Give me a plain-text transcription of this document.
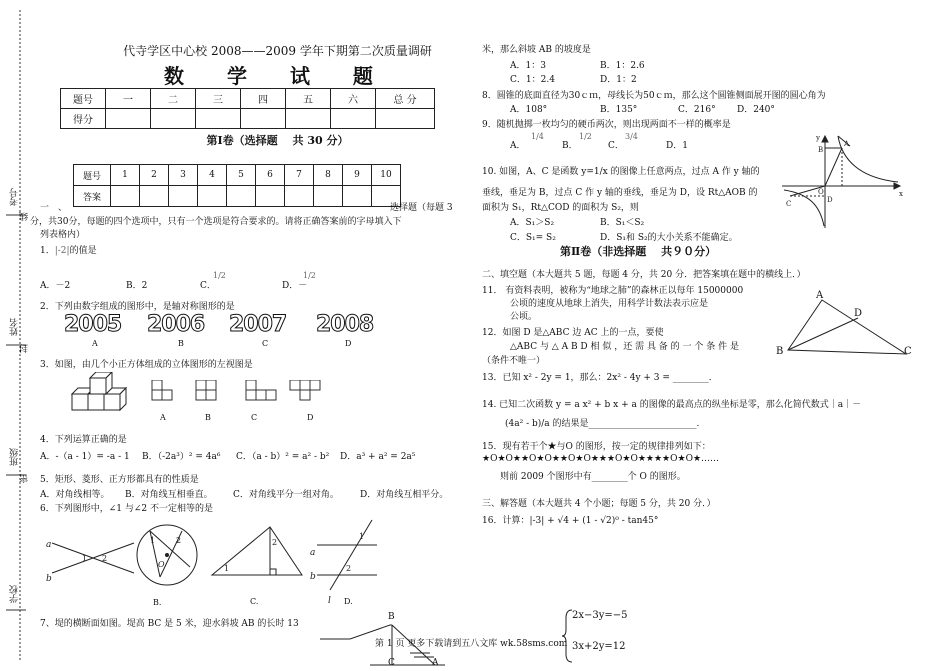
考号
线
姓名
封
班级
密
学校
代寺学区中心校 2008——2009 学年下期第二次质量调研
数 学 试 题
题号	一	二	三	四	五	六	总 分
得分							
第Ⅰ卷（选择题　 共 30 分）
题号	1	2	3	4	5	6	7	8	9	10
答案										
一　、	选择题（每题 3
分，共30分，每题的四个选项中，只有一个选项是符合要求的。请将正确答案前的字母填入下
列表格内）
1．|-2|的值是
A．－2	B．2	C．
1/2
D．－
1/2
2．下列由数字组成的图形中，是轴对称图形的是
2005 2006 2007 2008
A	B	C	D
3．如图，由几个小正方体组成的立体图形的左视图是
A	B	C	D
4．下列运算正确的是
A．-（a - 1）= -a - 1 B．（-2a³）² = 4a⁶ C．（a - b）² = a² - b² D．a³ + a² = 2a⁵
5．矩形、菱形、正方形都具有的性质是
A．对角线相等。 B．对角线互相垂直。 C．对角线平分一组对角。 D．对角线互相平分。
6．下列图形中，∠1 与∠2 不一定相等的是
a
b
1 2
O
1	2
1
2
a
b
l
1
2
B.	C.	D.
7、堤的横断面如图。堤高 BC 是 5 米，迎水斜坡 AB 的长时 13
B
C	A
米，那么斜坡 AB 的坡度是
A．1：3	B．1：2.6
C．1：2.4	D．1：2
8．圆锥的底面直径为30ｃｍ，母线长为50ｃｍ，那么这个圆锥侧面展开图的圆心角为
A．108°	B．135°	C．216° D．240°
9．随机抛掷一枚均匀的硬币两次，则出现两面不一样的概率是
A．
1/4
B．
1/2
C．
3/4
D．1
10. 如图，A、C 是函数 y=1/x 的图像上任意两点，过点 A 作 y 轴的
垂线，垂足为 B，过点 C 作 y 轴的垂线，垂足为 D，设 Rt△AOB 的
面积为 S₁，Rt△COD 的面积为 S₂，则
A．S₁＞S₂	B．S₁＜S₂
C．S₁= S₂	D．S₁和 S₂的大小关系不能确定。
y
x
B
A
O
C	D
第Ⅱ卷（非选择题　 共９０分）
二、填空题（本大题共 5 题，每题 4 分，共 20 分．把答案填在题中的横线上．）
11． 有资料表明，被称为“地球之肺”的森林正以每年 15000000
公顷的速度从地球上消失，用科学计数法表示应是
公顷。
12．如图 D 是△ABC 边 AC 上的一点，要使
△ABC 与 △ A B D 相 似 ，还 需 具 备 的 一 个 条 件 是
（条件不唯一）
A
B	C
D
13．已知 x² - 2y = 1，那么：2x² - 4y + 3 = ________．
14. 已知二次函数 y = a x² + b x + a 的图像的最高点的纵坐标是零，那么化简代数式｜a｜－
(4a² - b)/a 的结果是________________________.
15．现有若干个★与O 的图形，按一定的规律排列如下：
★O★O★★O★O★★O★O★★★O★O★★★★O★O★……
则前 2009 个图形中有________个 O 的图形。
三、解答题（本大题共 4 个小题；每题 5 分，共 20 分．）
16．计算：|-3| + √4 + (1 - √2)⁰ - tan45°
2x−3y=−5
3x+2y=12
第 1 页 更多下载请到五八文库 wk.58sms.com
